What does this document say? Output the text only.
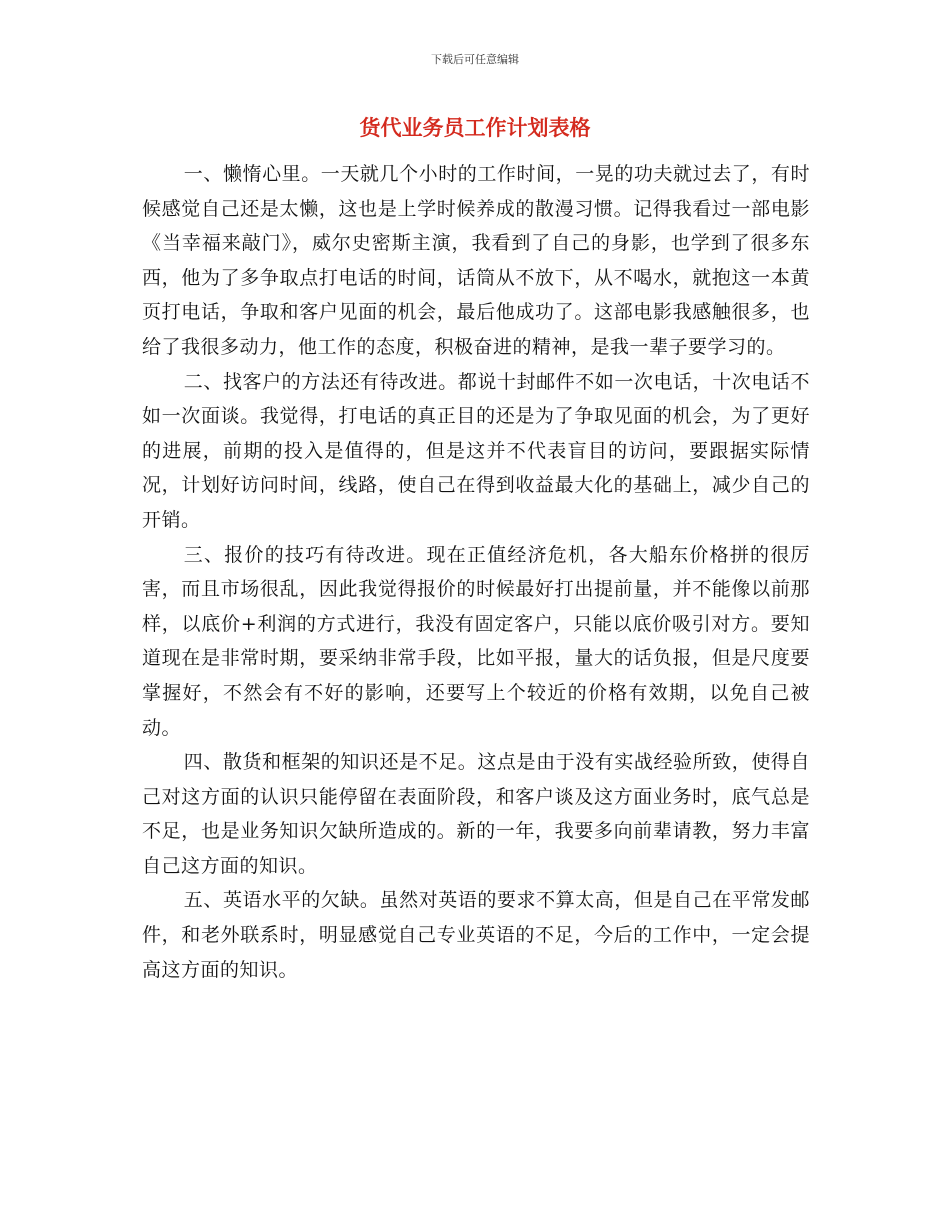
下载后可任意编辑
货代业务员工作计划表格

一、懒惰心里。一天就几个小时的工作时间，一晃的功夫就过去了，有时候感觉自己还是太懒，这也是上学时候养成的散漫习惯。记得我看过一部电影《当幸福来敲门》，威尔史密斯主演，我看到了自己的身影，也学到了很多东西，他为了多争取点打电话的时间，话筒从不放下，从不喝水，就抱这一本黄页打电话，争取和客户见面的机会，最后他成功了。这部电影我感触很多，也给了我很多动力，他工作的态度，积极奋进的精神，是我一辈子要学习的。

二、找客户的方法还有待改进。都说十封邮件不如一次电话，十次电话不如一次面谈。我觉得，打电话的真正目的还是为了争取见面的机会，为了更好的进展，前期的投入是值得的，但是这并不代表盲目的访问，要跟据实际情况，计划好访问时间，线路，使自己在得到收益最大化的基础上，减少自己的开销。

三、报价的技巧有待改进。现在正值经济危机，各大船东价格拼的很厉害，而且市场很乱，因此我觉得报价的时候最好打出提前量，并不能像以前那样，以底价+利润的方式进行，我没有固定客户，只能以底价吸引对方。要知道现在是非常时期，要采纳非常手段，比如平报，量大的话负报，但是尺度要掌握好，不然会有不好的影响，还要写上个较近的价格有效期，以免自己被动。

四、散货和框架的知识还是不足。这点是由于没有实战经验所致，使得自己对这方面的认识只能停留在表面阶段，和客户谈及这方面业务时，底气总是不足，也是业务知识欠缺所造成的。新的一年，我要多向前辈请教，努力丰富自己这方面的知识。

五、英语水平的欠缺。虽然对英语的要求不算太高，但是自己在平常发邮件，和老外联系时，明显感觉自己专业英语的不足，今后的工作中，一定会提高这方面的知识。
